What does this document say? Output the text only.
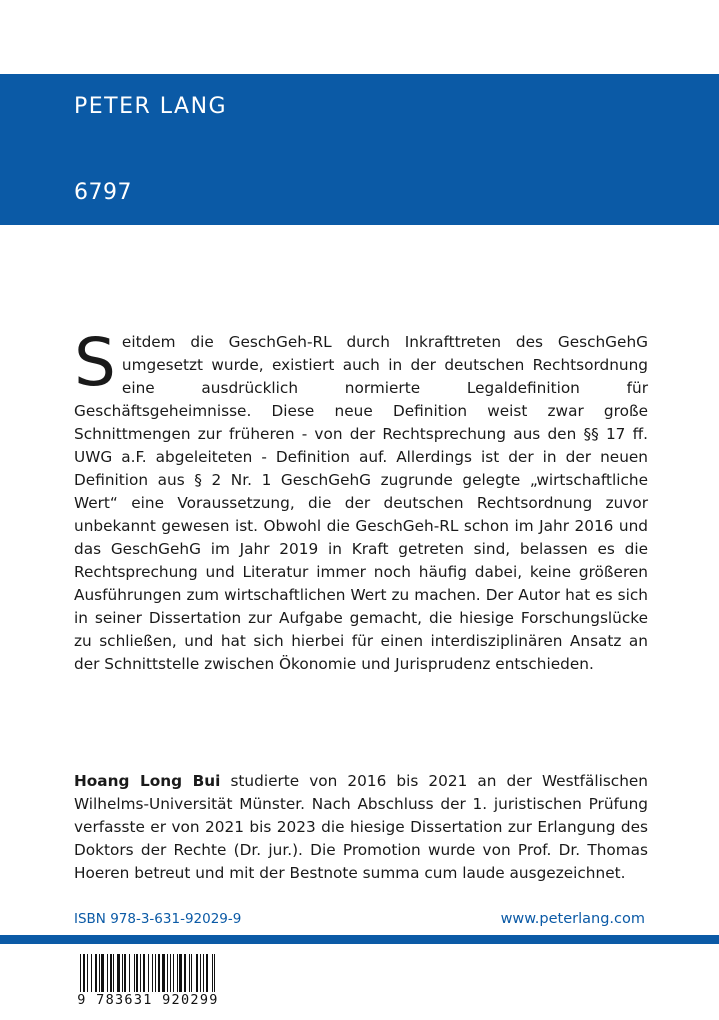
PETER LANG
6797

Seitdem die GeschGeh-RL durch Inkrafttreten des GeschGehG umgesetzt wurde, existiert auch in der deutschen Rechtsordnung eine ausdrücklich normierte Legaldefinition für Geschäftsgeheimnisse. Diese neue Definition weist zwar große Schnittmengen zur früheren - von der Rechtsprechung aus den §§ 17 ff. UWG a.F. abgeleiteten - Definition auf. Allerdings ist der in der neuen Definition aus § 2 Nr. 1 GeschGehG zugrunde gelegte „wirtschaftliche Wert“ eine Voraussetzung, die der deutschen Rechtsordnung zuvor unbekannt gewesen ist. Obwohl die GeschGeh-RL schon im Jahr 2016 und das GeschGehG im Jahr 2019 in Kraft getreten sind, belassen es die Rechtsprechung und Literatur immer noch häufig dabei, keine größeren Ausführungen zum wirtschaftlichen Wert zu machen. Der Autor hat es sich in seiner Dissertation zur Aufgabe gemacht, die hiesige Forschungslücke zu schließen, und hat sich hierbei für einen interdisziplinären Ansatz an der Schnittstelle zwischen Ökonomie und Jurisprudenz entschieden.

Hoang Long Bui studierte von 2016 bis 2021 an der Westfälischen Wilhelms-Universität Münster. Nach Abschluss der 1. juristischen Prüfung verfasste er von 2021 bis 2023 die hiesige Dissertation zur Erlangung des Doktors der Rechte (Dr. jur.). Die Promotion wurde von Prof. Dr. Thomas Hoeren betreut und mit der Bestnote summa cum laude ausgezeichnet.

ISBN 978-3-631-92029-9	www.peterlang.com
9 783631 920299
